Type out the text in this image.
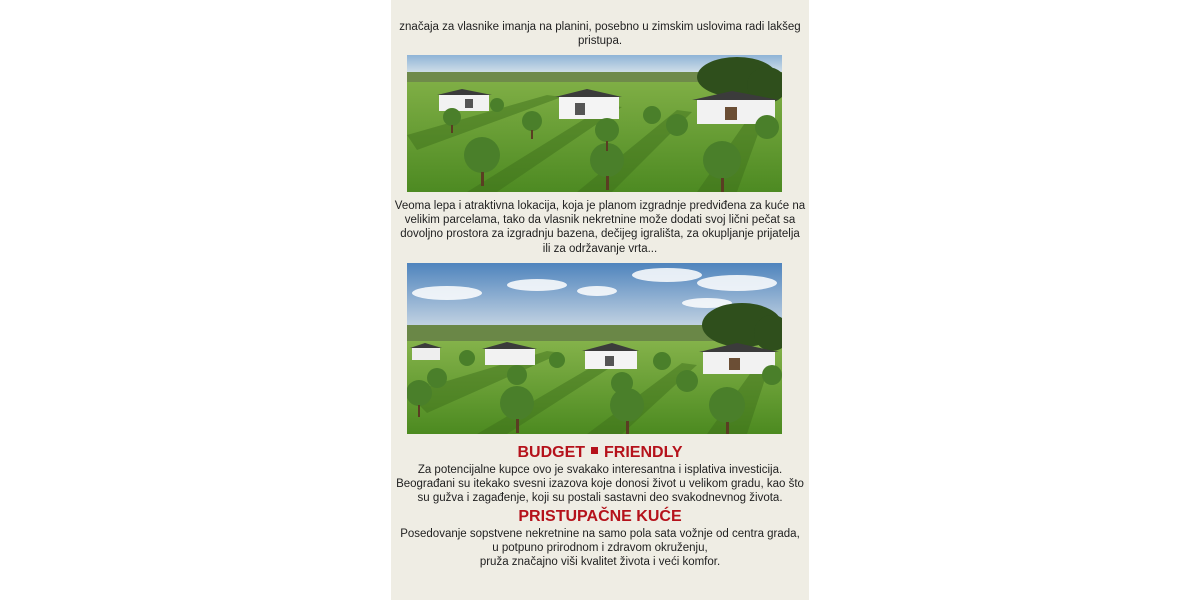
značaja za vlasnike imanja na planini, posebno u zimskim uslovima radi lakšeg
pristupa.
Veoma lepa i atraktivna lokacija, koja je planom izgradnje predviđena za kuće na
velikim parcelama, tako da vlasnik nekretnine može dodati svoj lični pečat sa
dovoljno prostora za izgradnju bazena, dečijeg igrališta, za okupljanje prijatelja
ili za održavanje vrta...
BUDGET FRIENDLY
Za potencijalne kupce ovo je svakako interesantna i isplativa investicija.
Beograđani su itekako svesni izazova koje donosi život u velikom gradu, kao što
su gužva i zagađenje, koji su postali sastavni deo svakodnevnog života.
PRISTUPAČNE KUĆE
Posedovanje sopstvene nekretnine na samo pola sata vožnje od centra grada,
u potpuno prirodnom i zdravom okruženju,
pruža značajno viši kvalitet života i veći komfor.
